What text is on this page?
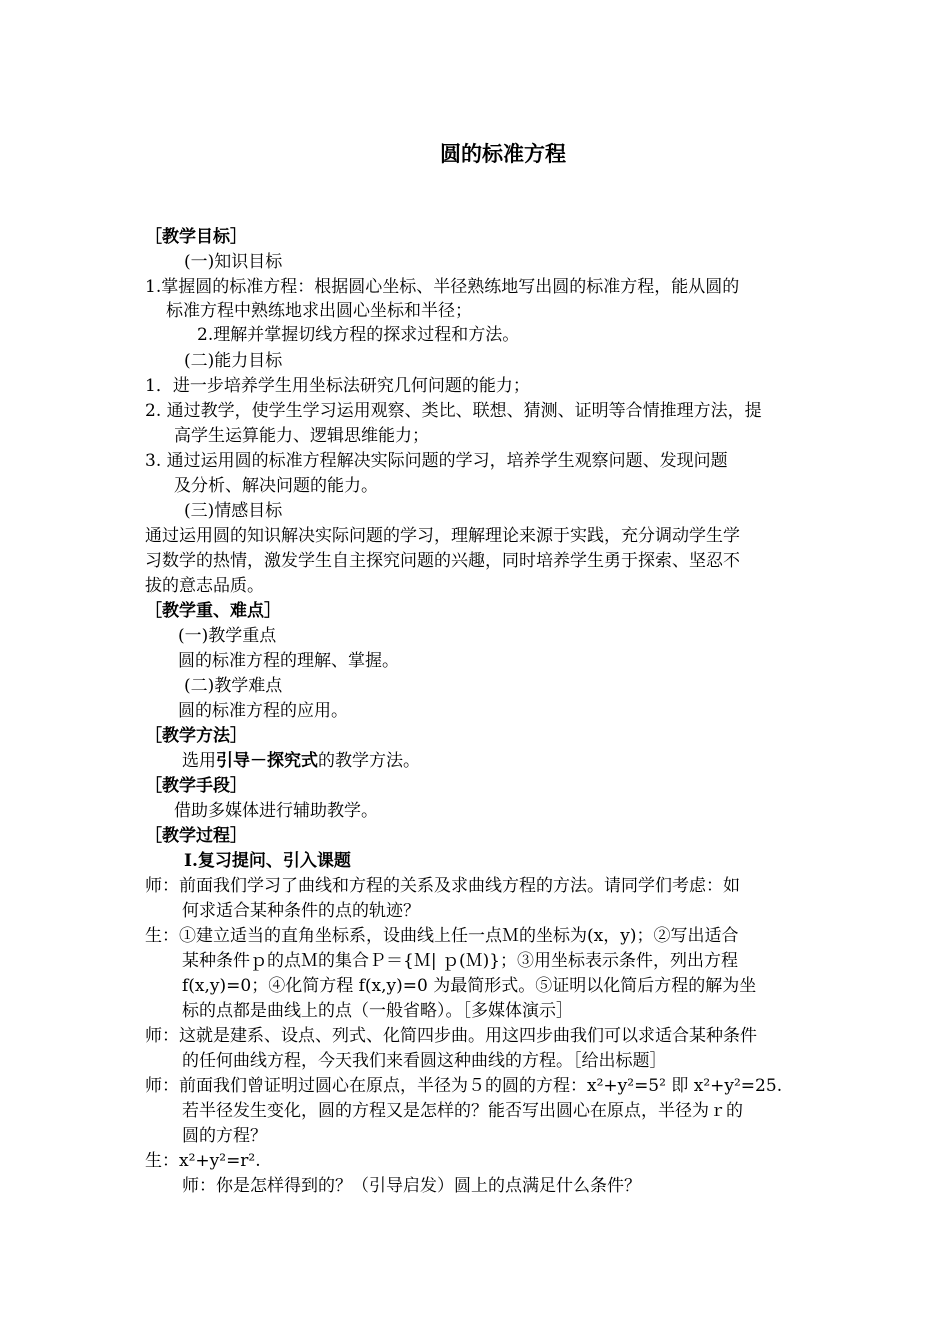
圆的标准方程
［教学目标］
(一)知识目标
1.掌握圆的标准方程：根据圆心坐标、半径熟练地写出圆的标准方程，能从圆的
标准方程中熟练地求出圆心坐标和半径；
2.理解并掌握切线方程的探求过程和方法。
(二)能力目标
1．进一步培养学生用坐标法研究几何问题的能力；
2. 通过教学，使学生学习运用观察、类比、联想、猜测、证明等合情推理方法，提
高学生运算能力、逻辑思维能力；
3. 通过运用圆的标准方程解决实际问题的学习，培养学生观察问题、发现问题
及分析、解决问题的能力。
(三)情感目标
通过运用圆的知识解决实际问题的学习，理解理论来源于实践，充分调动学生学
习数学的热情，激发学生自主探究问题的兴趣，同时培养学生勇于探索、坚忍不
拔的意志品质。
［教学重、难点］
(一)教学重点
圆的标准方程的理解、掌握。
(二)教学难点
圆的标准方程的应用。
［教学方法］
选用引导－探究式的教学方法。
［教学手段］
借助多媒体进行辅助教学。
［教学过程］
Ⅰ.复习提问、引入课题
师：前面我们学习了曲线和方程的关系及求曲线方程的方法。请同学们考虑：如
何求适合某种条件的点的轨迹？
生：①建立适当的直角坐标系，设曲线上任一点Ｍ的坐标为(x，y)；②写出适合
某种条件ｐ的点Ｍ的集合Ｐ＝{Ｍ| ｐ(Ｍ)}；③用坐标表示条件，列出方程
f(x,y)=0；④化简方程 f(x,y)=0 为最简形式。⑤证明以化简后方程的解为坐
标的点都是曲线上的点（一般省略）。［多媒体演示］
师：这就是建系、设点、列式、化简四步曲。用这四步曲我们可以求适合某种条件
的任何曲线方程，今天我们来看圆这种曲线的方程。［给出标题］
师：前面我们曾证明过圆心在原点，半径为５的圆的方程：x²+y²=5² 即 x²+y²=25.
若半径发生变化，圆的方程又是怎样的？能否写出圆心在原点，半径为ｒ的
圆的方程？
生：x²+y²=r².
师：你是怎样得到的？（引导启发）圆上的点满足什么条件？
